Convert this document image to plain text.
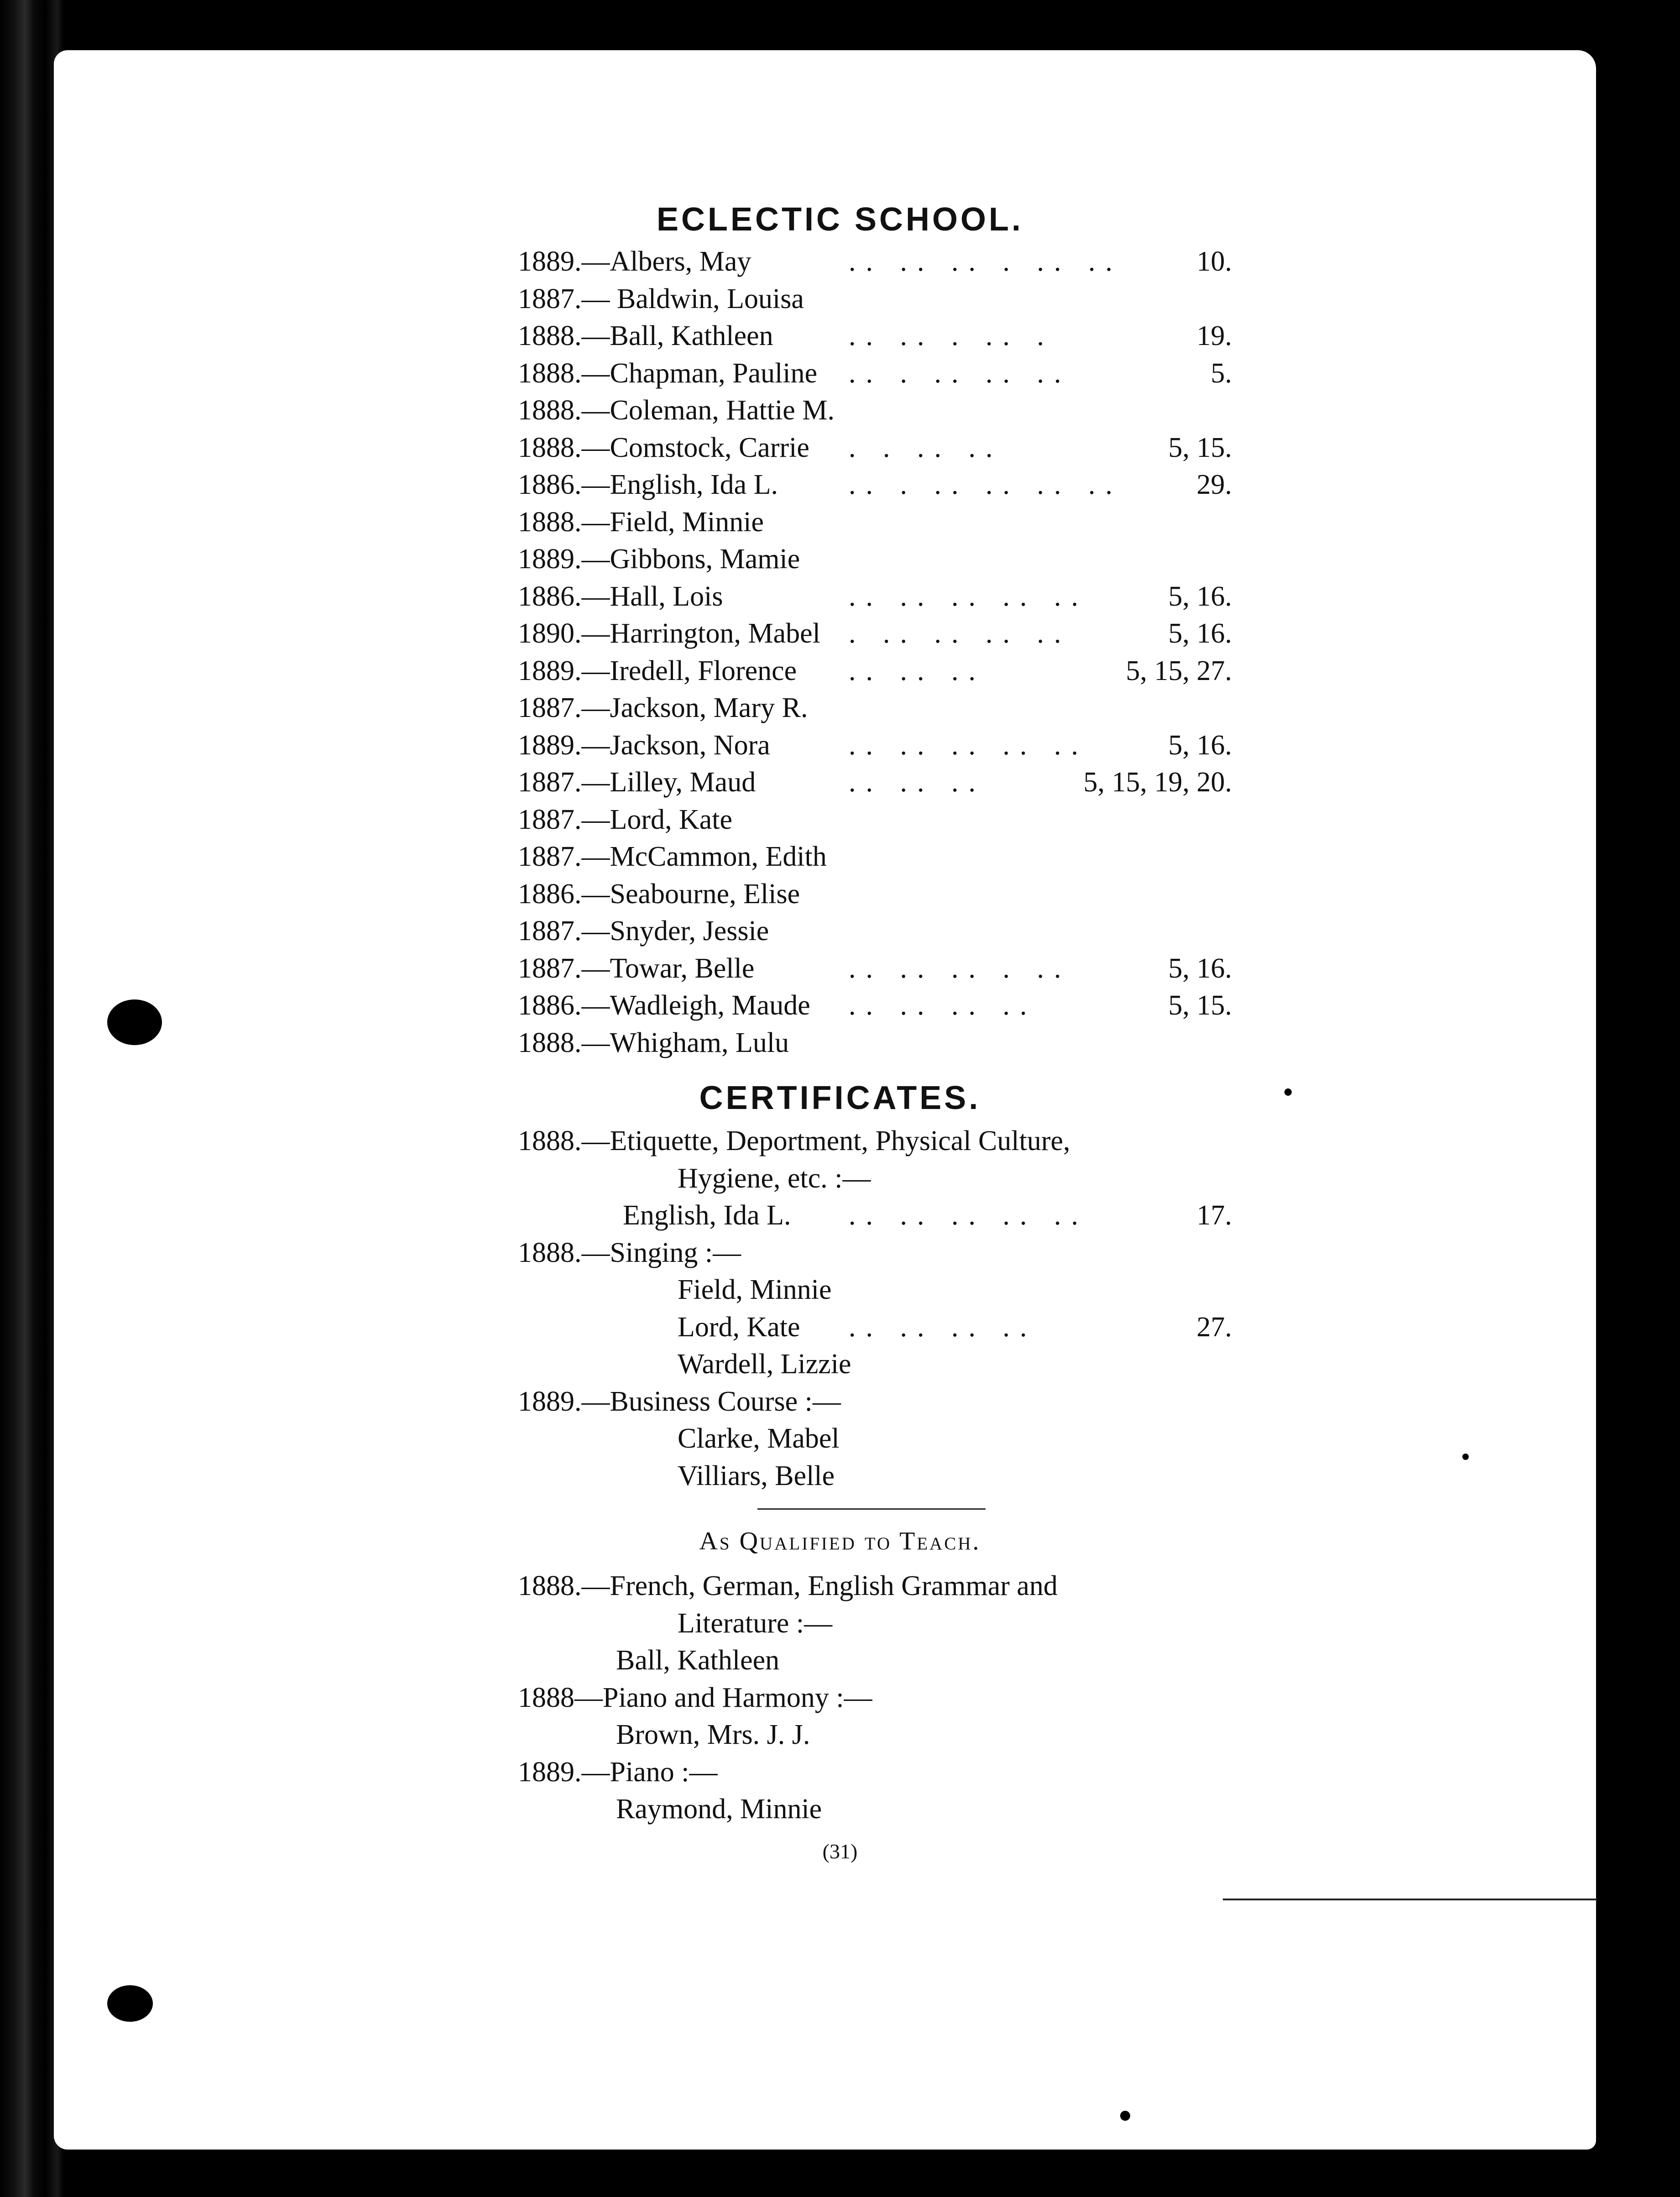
ECLECTIC SCHOOL.
CERTIFICATES.
As Qualified to Teach.
(31)
1889.—Albers, May	.. .. .. . .. ..	10.
1887.— Baldwin, Louisa
1888.—Ball, Kathleen	.. .. . .. .	19.
1888.—Chapman, Pauline .. . .. .. ..	5.
1888.—Coleman, Hattie M.
1888.—Comstock, Carrie . . .. ..	5, 15.
1886.—English, Ida L.	.. . .. .. .. ..	29.
1888.—Field, Minnie
1889.—Gibbons, Mamie
1886.—Hall, Lois	.. .. .. .. ..	5, 16.
1890.—Harrington, Mabel . .. .. .. ..	5, 16.
1889.—Iredell, Florence .. .. ..	5, 15, 27.
1887.—Jackson, Mary R.
1889.—Jackson, Nora	.. .. .. .. ..	5, 16.
1887.—Lilley, Maud	.. .. ..	5, 15, 19, 20.
1887.—Lord, Kate
1887.—McCammon, Edith
1886.—Seabourne, Elise
1887.—Snyder, Jessie
1887.—Towar, Belle	.. .. .. . ..	5, 16.
1886.—Wadleigh, Maude .. .. .. ..	5, 15.
1888.—Whigham, Lulu
1888.—Etiquette, Deportment, Physical Culture,
Hygiene, etc. :—
English, Ida L. .. .. .. .. ..	17.
1888.—Singing :—
Field, Minnie
Lord, Kate .. .. .. ..	27.
Wardell, Lizzie
1889.—Business Course :—
Clarke, Mabel
Villiars, Belle
1888.—French, German, English Grammar and
Literature :—
Ball, Kathleen
1888—Piano and Harmony :—
Brown, Mrs. J. J.
1889.—Piano :—
Raymond, Minnie
